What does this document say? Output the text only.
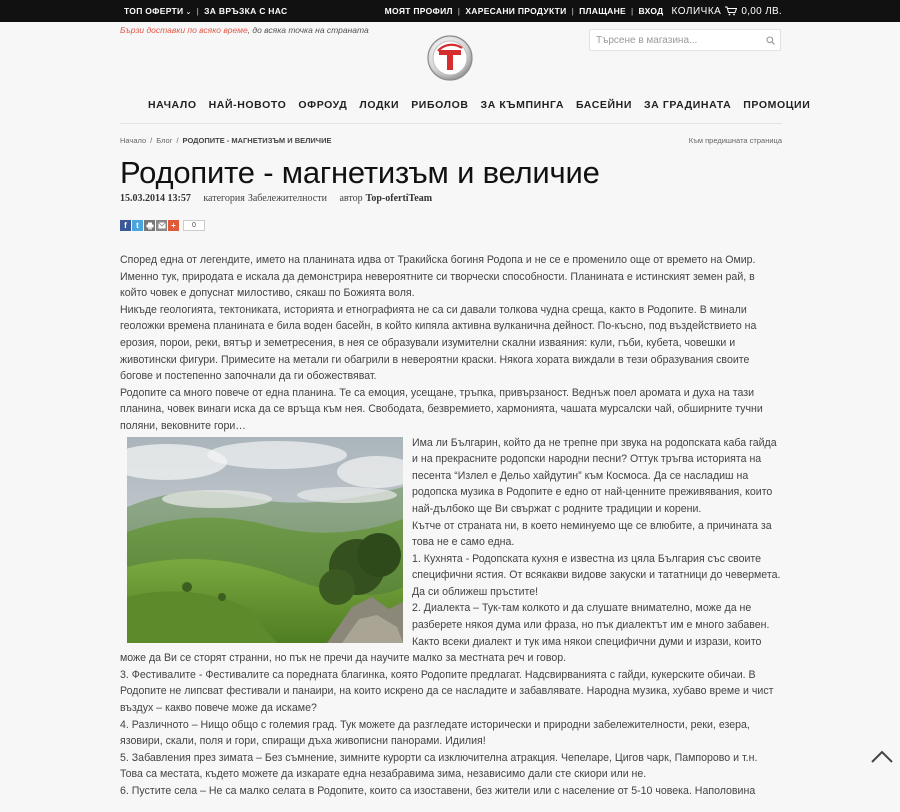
ТОП ОФЕРТИ ⌄ | ЗА ВРЪЗКА С НАС	МОЯТ ПРОФИЛ | ХАРЕСАНИ ПРОДУКТИ | ПЛАЩАНЕ | ВХОД КОЛИЧКА 0,00 ЛВ.
Бързи доставки по всяко време, до всяка точка на страната
Търсене в магазина...
НАЧАЛО НАЙ-НОВОТО ОФРОУД ЛОДКИ РИБОЛОВ ЗА КЪМПИНГА БАСЕЙНИ ЗА ГРАДИНАТА ПРОМОЦИИ
Начало / Блог / РОДОПИТЕ - МАГНЕТИЗЪМ И ВЕЛИЧИЕ	Към предишната страница
Родопите - магнетизъм и величие
15.03.2014 13:57 категория Забележителности автор Top-ofertiTeam
f	t	+	0

Според една от легендите, името на планината идва от Тракийска богиня Родопа и не се е променило още от времето на Омир. Именно тук, природата е искала да демонстрира невероятните си творчески способности. Планината е истинският земен рай, в който човек е допуснат милостиво, сякаш по Божията воля.

Никъде геологията, тектониката, историята и етнографията не са си давали толкова чудна среща, както в Родопите. В минали геоложки времена планината е била воден басейн, в който кипяла активна вулканична дейност. По-късно, под въздействието на ерозия, порои, реки, вятър и земетресения, в нея се образували изумителни скални изваяния: кули, гъби, кубета, човешки и животински фигури. Примесите на метали ги обагрили в невероятни краски. Някога хората виждали в тези образувания своите богове и постепенно започнали да ги обожествяват.

Родопите са много повече от една планина. Те са емоция, усещане, тръпка, привързаност. Веднъж поел аромата и духа на тази планина, човек винаги иска да се връща към нея. Свободата, безвремието, хармонията, чашата мурсалски чай, обширните тучни поляни, вековните гори…

Има ли Българин, който да не трепне при звука на родопската каба гайда и на прекрасните родопски народни песни? Оттук тръгва историята на песента “Излел е Дельо хайдутин” към Космоса. Да се насладиш на родопска музика в Родопите е едно от най-ценните преживявания, които най-дълбоко ще Ви свържат с родните традиции и корени.

Кътче от страната ни, в което неминуемо ще се влюбите, а причината за това не е само една.

1. Кухнята - Родопската кухня е известна из цяла България със своите специфични ястия. От всякакви видове закуски и тататници до чевермета. Да си оближеш пръстите!

2. Диалекта – Тук-там колкото и да слушате внимателно, може да не разберете някоя дума или фраза, но пък диалектът им е много забавен. Както всеки диалект и тук има някои специфични думи и изрази, които може да Ви се сторят странни, но пък не пречи да научите малко за местната реч и говор.

3. Фестивалите - Фестивалите са поредната благинка, която Родопите предлагат. Надсвирванията с гайди, кукерските обичаи. В Родопите не липсват фестивали и панаири, на които искрено да се насладите и забавлявате. Народна музика, хубаво време и чист въздух – какво повече може да искаме?

4. Различното – Нищо общо с големия град. Тук можете да разгледате исторически и природни забележителности, реки, езера, язовири, скали, поля и гори, спиращи дъха живописни панорами. Идилия!

5. Забавления през зимата – Без съмнение, зимните курорти са изключителна атракция. Чепеларе, Цигов чарк, Пампорово и т.н. Това са местата, където можете да изкарате една незабравима зима, независимо дали сте скиори или не.

6. Пустите села – Не са малко селата в Родопите, които са изоставени, без жители или с население от 5-10 човека. Наполовина
